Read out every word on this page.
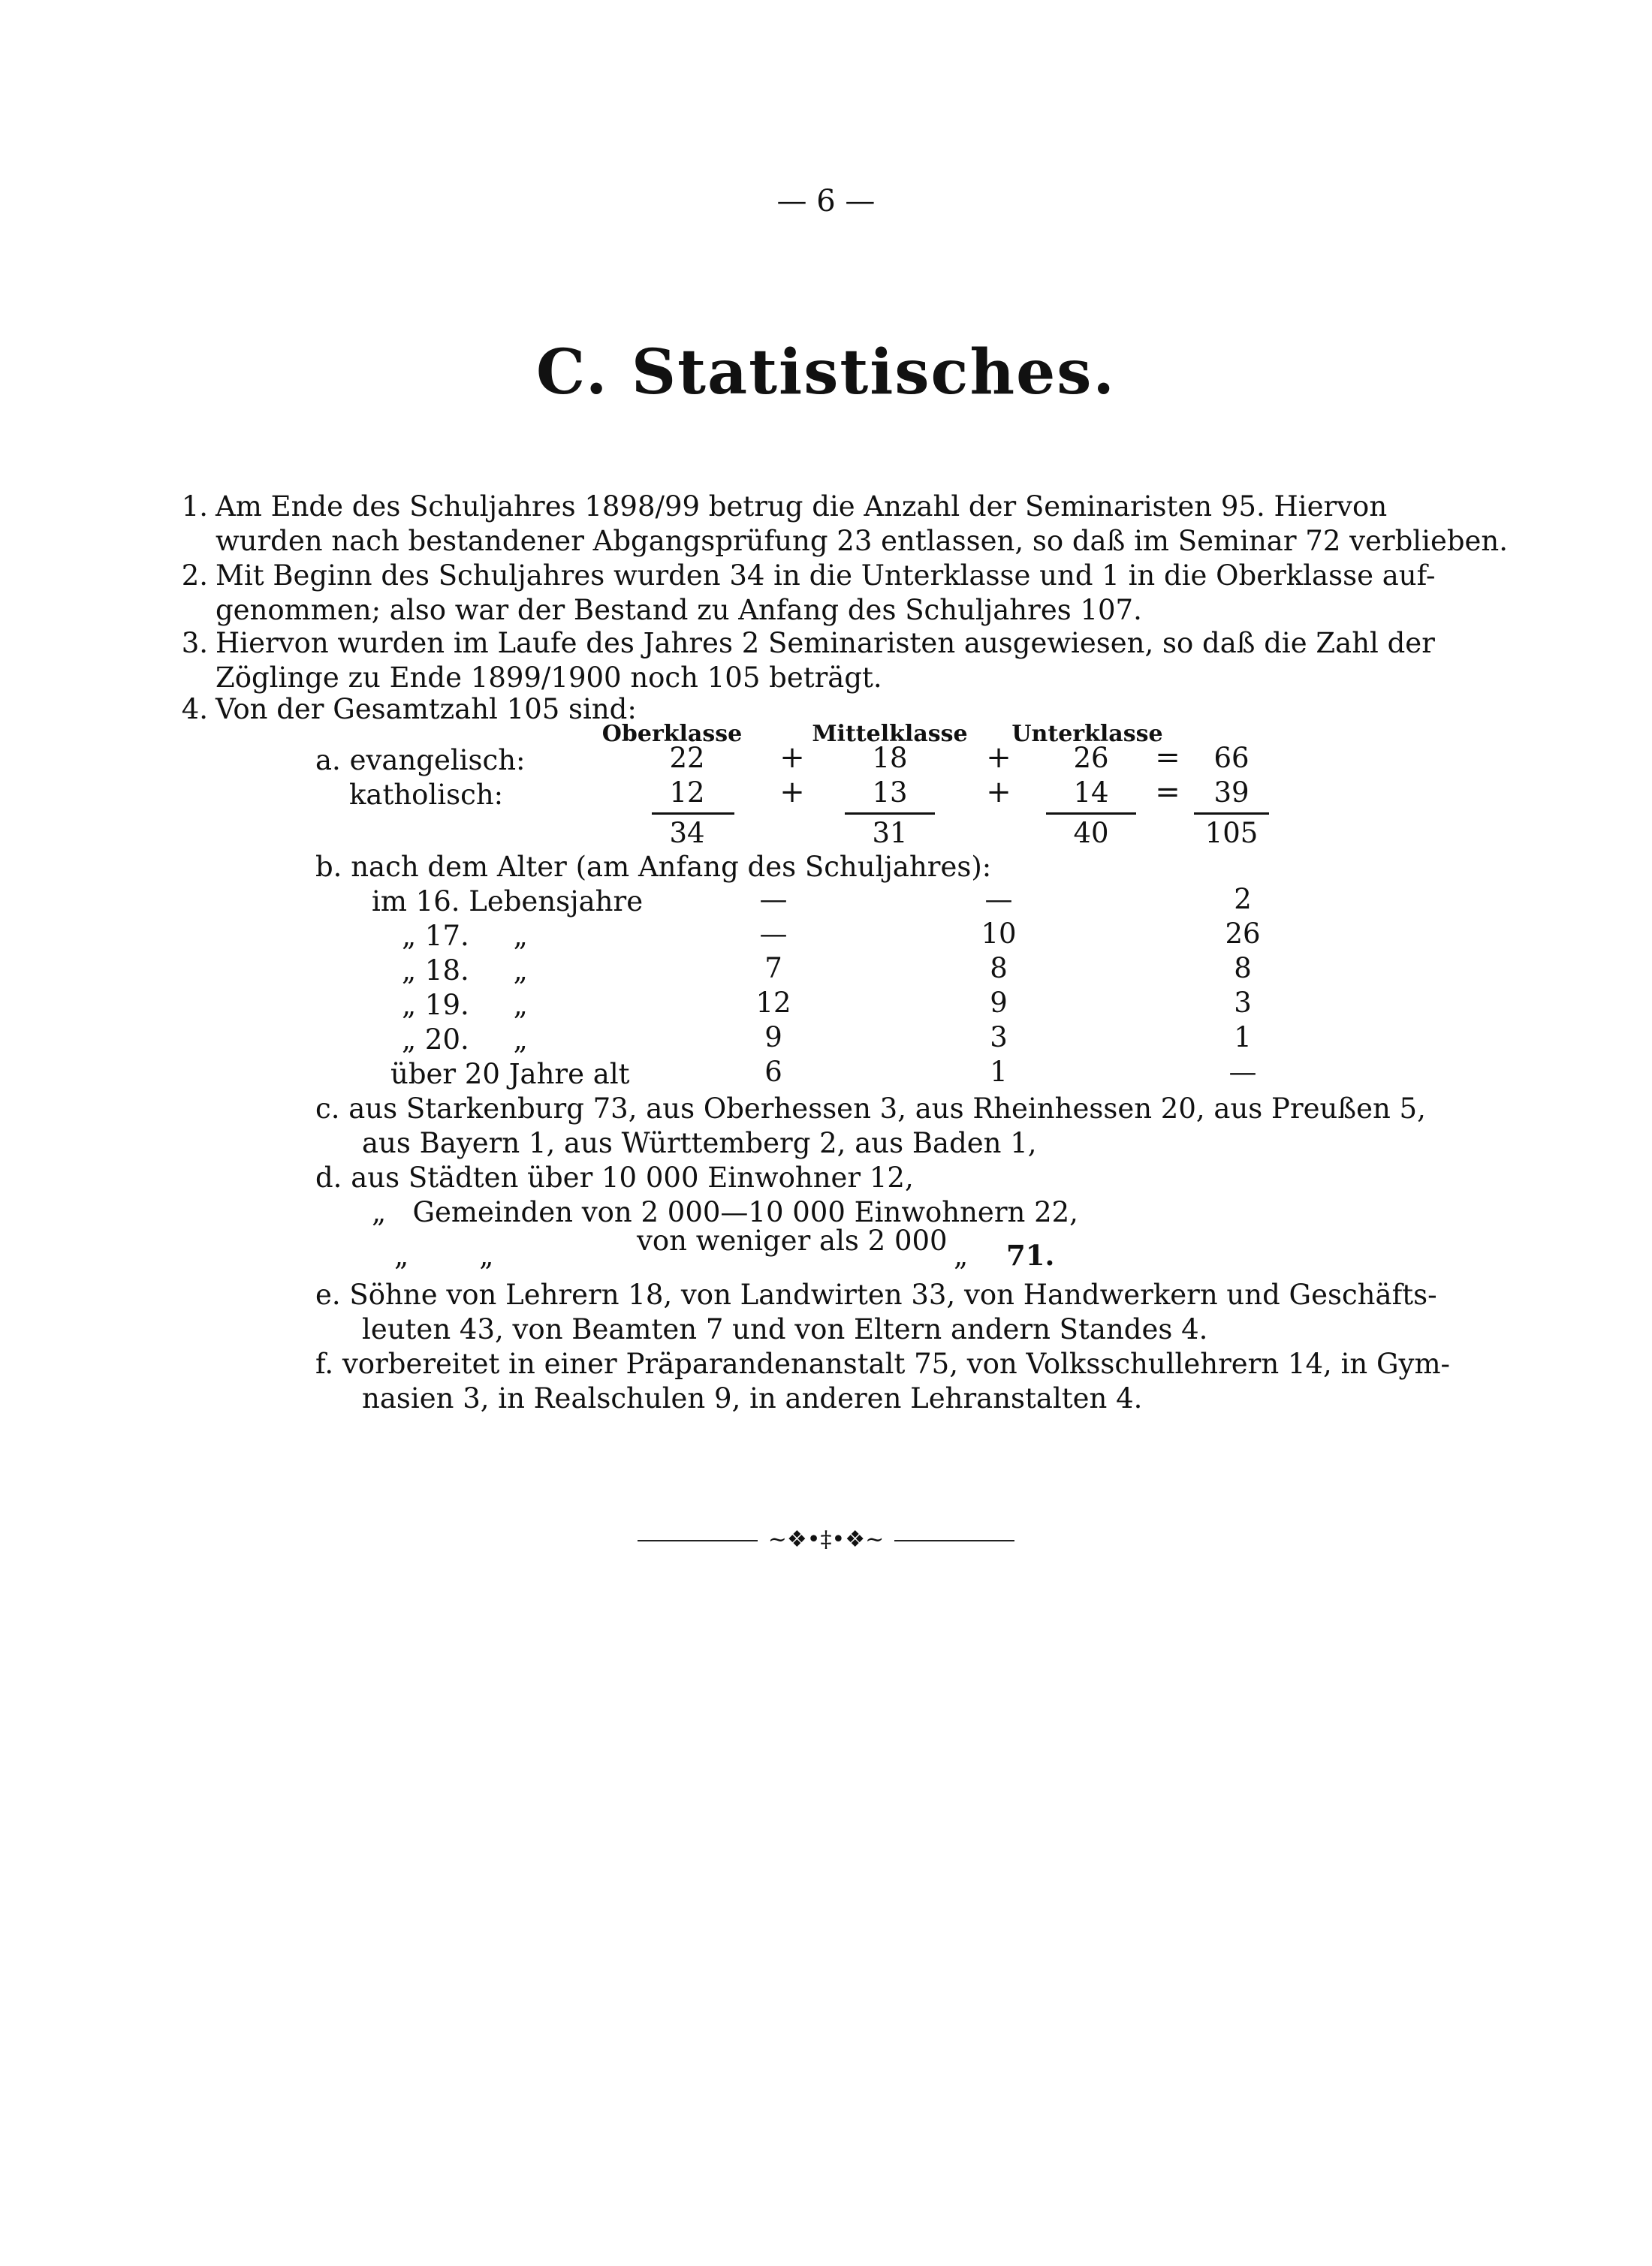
— 6 —
C. Statistisches.
1. Am Ende des Schuljahres 1898/99 betrug die Anzahl der Seminaristen 95. Hiervon
wurden nach bestandener Abgangsprüfung 23 entlassen, so daß im Seminar 72 verblieben.
2. Mit Beginn des Schuljahres wurden 34 in die Unterklasse und 1 in die Oberklasse auf-
genommen; also war der Bestand zu Anfang des Schuljahres 107.
3. Hiervon wurden im Laufe des Jahres 2 Seminaristen ausgewiesen, so daß die Zahl der
Zöglinge zu Ende 1899/1900 noch 105 beträgt.
4. Von der Gesamtzahl 105 sind:
Oberklasse	Mittelklasse	Unterklasse
a. evangelisch:	22	+	18	+	26	=	66
katholisch:	12	+	13	+	14	=	39
34	31	40	105
b. nach dem Alter (am Anfang des Schuljahres):
im 16. Lebensjahre	—	—	2
„ 17.     „	—	10	26
„ 18.     „	7	8	8
„ 19.     „	12	9	3
„ 20.     „	9	3	1
über 20 Jahre alt	6	1	—
c. aus Starkenburg 73, aus Oberhessen 3, aus Rheinhessen 20, aus Preußen 5,
aus Bayern 1, aus Württemberg 2, aus Baden 1,
d. aus Städten über 10 000 Einwohner 12,
„   Gemeinden von 2 000—10 000 Einwohnern 22,
„        „	von weniger als 2 000 „ 71.
e. Söhne von Lehrern 18, von Landwirten 33, von Handwerkern und Geschäfts-
leuten 43, von Beamten 7 und von Eltern andern Standes 4.
f. vorbereitet in einer Präparandenanstalt 75, von Volksschullehrern 14, in Gym-
nasien 3, in Realschulen 9, in anderen Lehranstalten 4.
~❖•‡•❖~
